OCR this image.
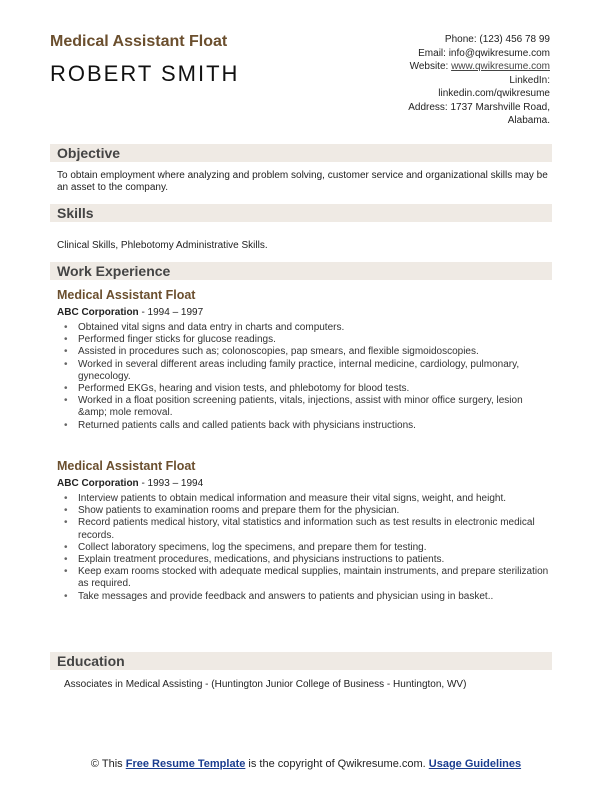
Medical Assistant Float
ROBERT SMITH
Phone: (123) 456 78 99
Email: info@qwikresume.com
Website: www.qwikresume.com
LinkedIn:
linkedin.com/qwikresume
Address: 1737 Marshville Road,
Alabama.
Objective
To obtain employment where analyzing and problem solving, customer service and organizational skills may be an asset to the company.
Skills
Clinical Skills, Phlebotomy Administrative Skills.
Work Experience
Medical Assistant Float
ABC Corporation - 1994 – 1997
• Obtained vital signs and data entry in charts and computers.
• Performed finger sticks for glucose readings.
• Assisted in procedures such as; colonoscopies, pap smears, and flexible sigmoidoscopies.
• Worked in several different areas including family practice, internal medicine, cardiology, pulmonary, gynecology.
• Performed EKGs, hearing and vision tests, and phlebotomy for blood tests.
• Worked in a float position screening patients, vitals, injections, assist with minor office surgery, lesion &amp; mole removal.
• Returned patients calls and called patients back with physicians instructions.
Medical Assistant Float
ABC Corporation - 1993 – 1994
• Interview patients to obtain medical information and measure their vital signs, weight, and height.
• Show patients to examination rooms and prepare them for the physician.
• Record patients medical history, vital statistics and information such as test results in electronic medical records.
• Collect laboratory specimens, log the specimens, and prepare them for testing.
• Explain treatment procedures, medications, and physicians instructions to patients.
• Keep exam rooms stocked with adequate medical supplies, maintain instruments, and prepare sterilization as required.
• Take messages and provide feedback and answers to patients and physician using in basket..
Education
Associates in Medical Assisting - (Huntington Junior College of Business - Huntington, WV)
© This Free Resume Template is the copyright of Qwikresume.com. Usage Guidelines
